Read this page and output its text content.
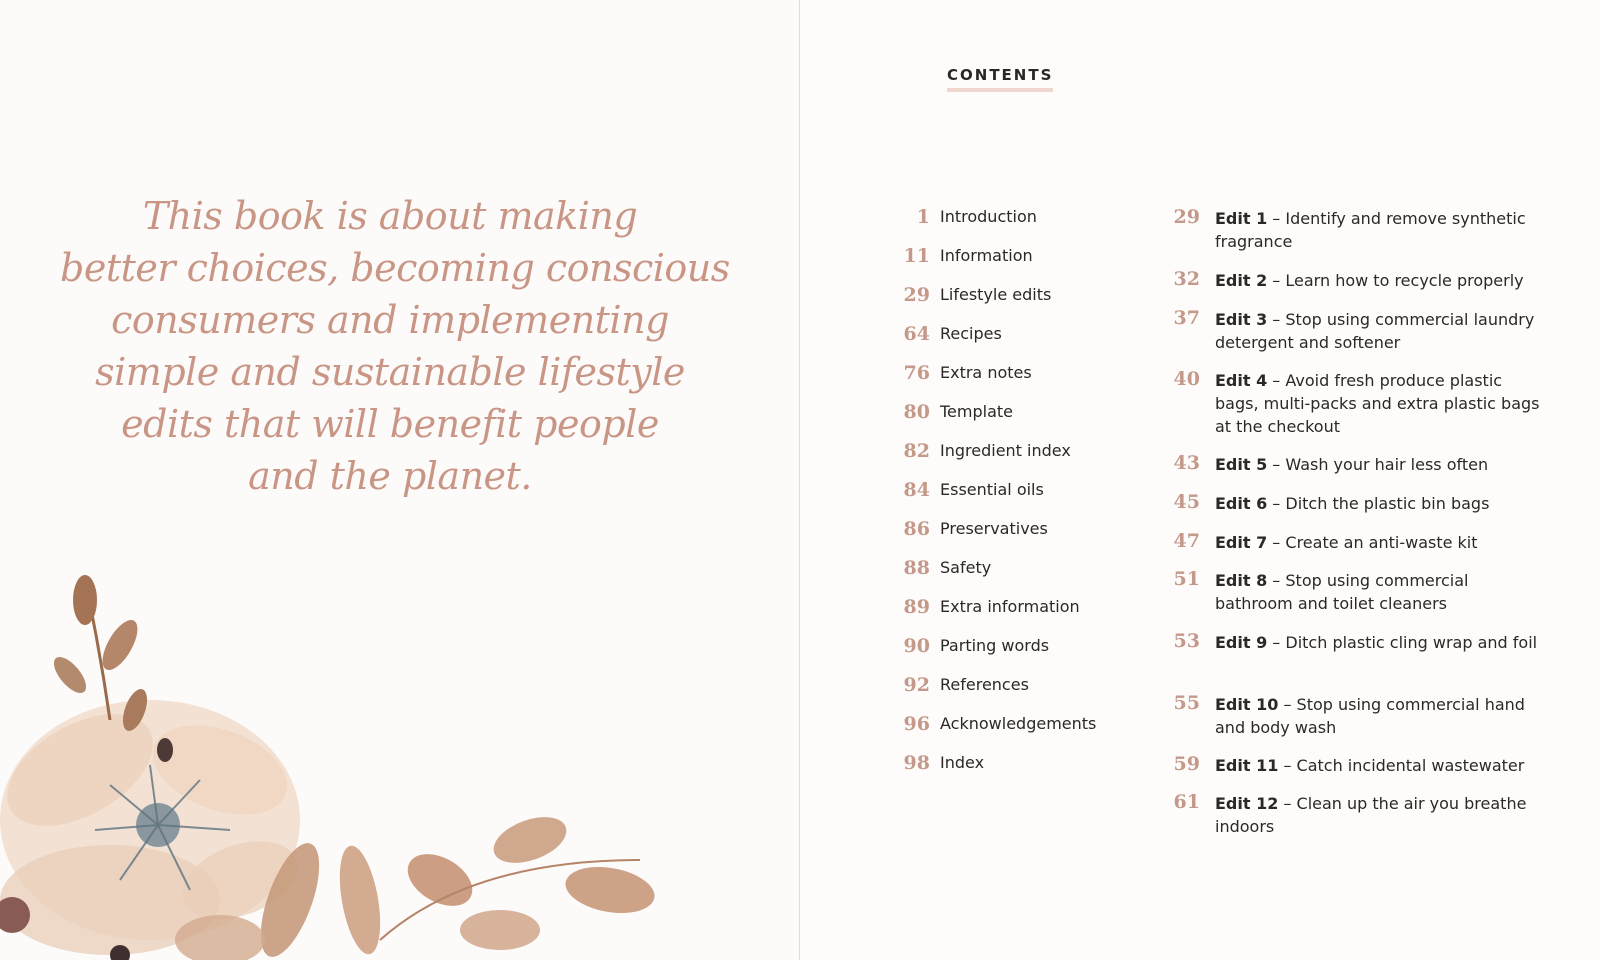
This book is about making
better choices, becoming conscious
consumers and implementing
simple and sustainable lifestyle
edits that will benefit people
and the planet.
CONTENTS
1 Introduction
11 Information
29 Lifestyle edits
64 Recipes
76 Extra notes
80 Template
82 Ingredient index
84 Essential oils
86 Preservatives
88 Safety
89 Extra information
90 Parting words
92 References
96 Acknowledgements
98 Index
29 Edit 1 – Identify and remove synthetic fragrance
32 Edit 2 – Learn how to recycle properly
37 Edit 3 – Stop using commercial laundry detergent and softener
40 Edit 4 – Avoid fresh produce plastic bags, multi-packs and extra plastic bags at the checkout
43 Edit 5 – Wash your hair less often
45 Edit 6 – Ditch the plastic bin bags
47 Edit 7 – Create an anti-waste kit
51 Edit 8 – Stop using commercial bathroom and toilet cleaners
53 Edit 9 – Ditch plastic cling wrap and foil
55 Edit 10 – Stop using commercial hand and body wash
59 Edit 11 – Catch incidental wastewater
61 Edit 12 – Clean up the air you breathe indoors
